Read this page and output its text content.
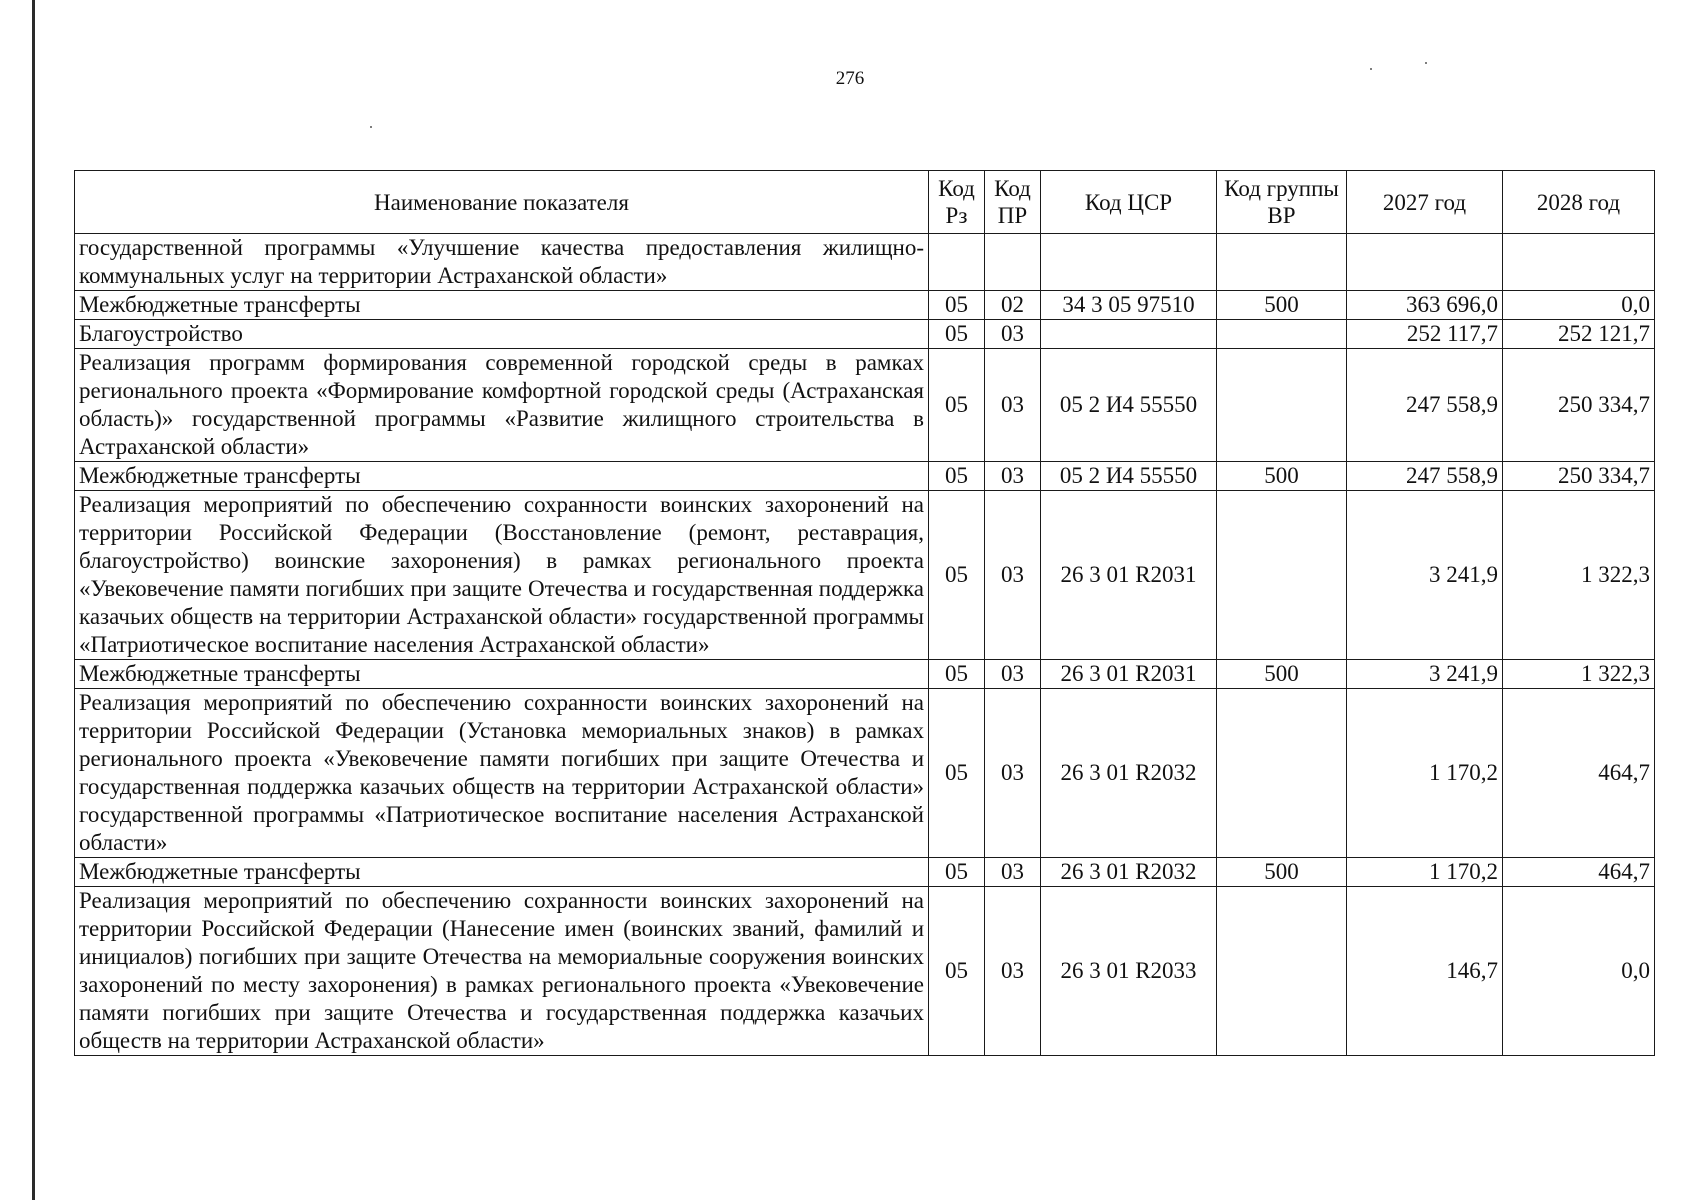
276
Наименование показателя	Код Рз	Код ПР	Код ЦСР	Код группы ВР	2027 год	2028 год
государственной программы «Улучшение качества предоставления жилищно-коммунальных услуг на территории Астраханской области»						
Межбюджетные трансферты	05	02	34 3 05 97510	500	363 696,0	0,0
Благоустройство	05	03			252 117,7	252 121,7
Реализация программ формирования современной городской среды в рамках регионального проекта «Формирование комфортной городской среды (Астраханская область)» государственной программы «Развитие жилищного строительства в Астраханской области»	05	03	05 2 И4 55550		247 558,9	250 334,7
Межбюджетные трансферты	05	03	05 2 И4 55550	500	247 558,9	250 334,7
Реализация мероприятий по обеспечению сохранности воинских захоронений на территории Российской Федерации (Восстановление (ремонт, реставрация, благоустройство) воинские захоронения) в рамках регионального проекта «Увековечение памяти погибших при защите Отечества и государственная поддержка казачьих обществ на территории Астраханской области» государственной программы «Патриотическое воспитание населения Астраханской области»	05	03	26 3 01 R2031		3 241,9	1 322,3
Межбюджетные трансферты	05	03	26 3 01 R2031	500	3 241,9	1 322,3
Реализация мероприятий по обеспечению сохранности воинских захоронений на территории Российской Федерации (Установка мемориальных знаков) в рамках регионального проекта «Увековечение памяти погибших при защите Отечества и государственная поддержка казачьих обществ на территории Астраханской области» государственной программы «Патриотическое воспитание населения Астраханской области»	05	03	26 3 01 R2032		1 170,2	464,7
Межбюджетные трансферты	05	03	26 3 01 R2032	500	1 170,2	464,7
Реализация мероприятий по обеспечению сохранности воинских захоронений на территории Российской Федерации (Нанесение имен (воинских званий, фамилий и инициалов) погибших при защите Отечества на мемориальные сооружения воинских захоронений по месту захоронения) в рамках регионального проекта «Увековечение памяти погибших при защите Отечества и государственная поддержка казачьих обществ на территории Астраханской области»	05	03	26 3 01 R2033		146,7	0,0
